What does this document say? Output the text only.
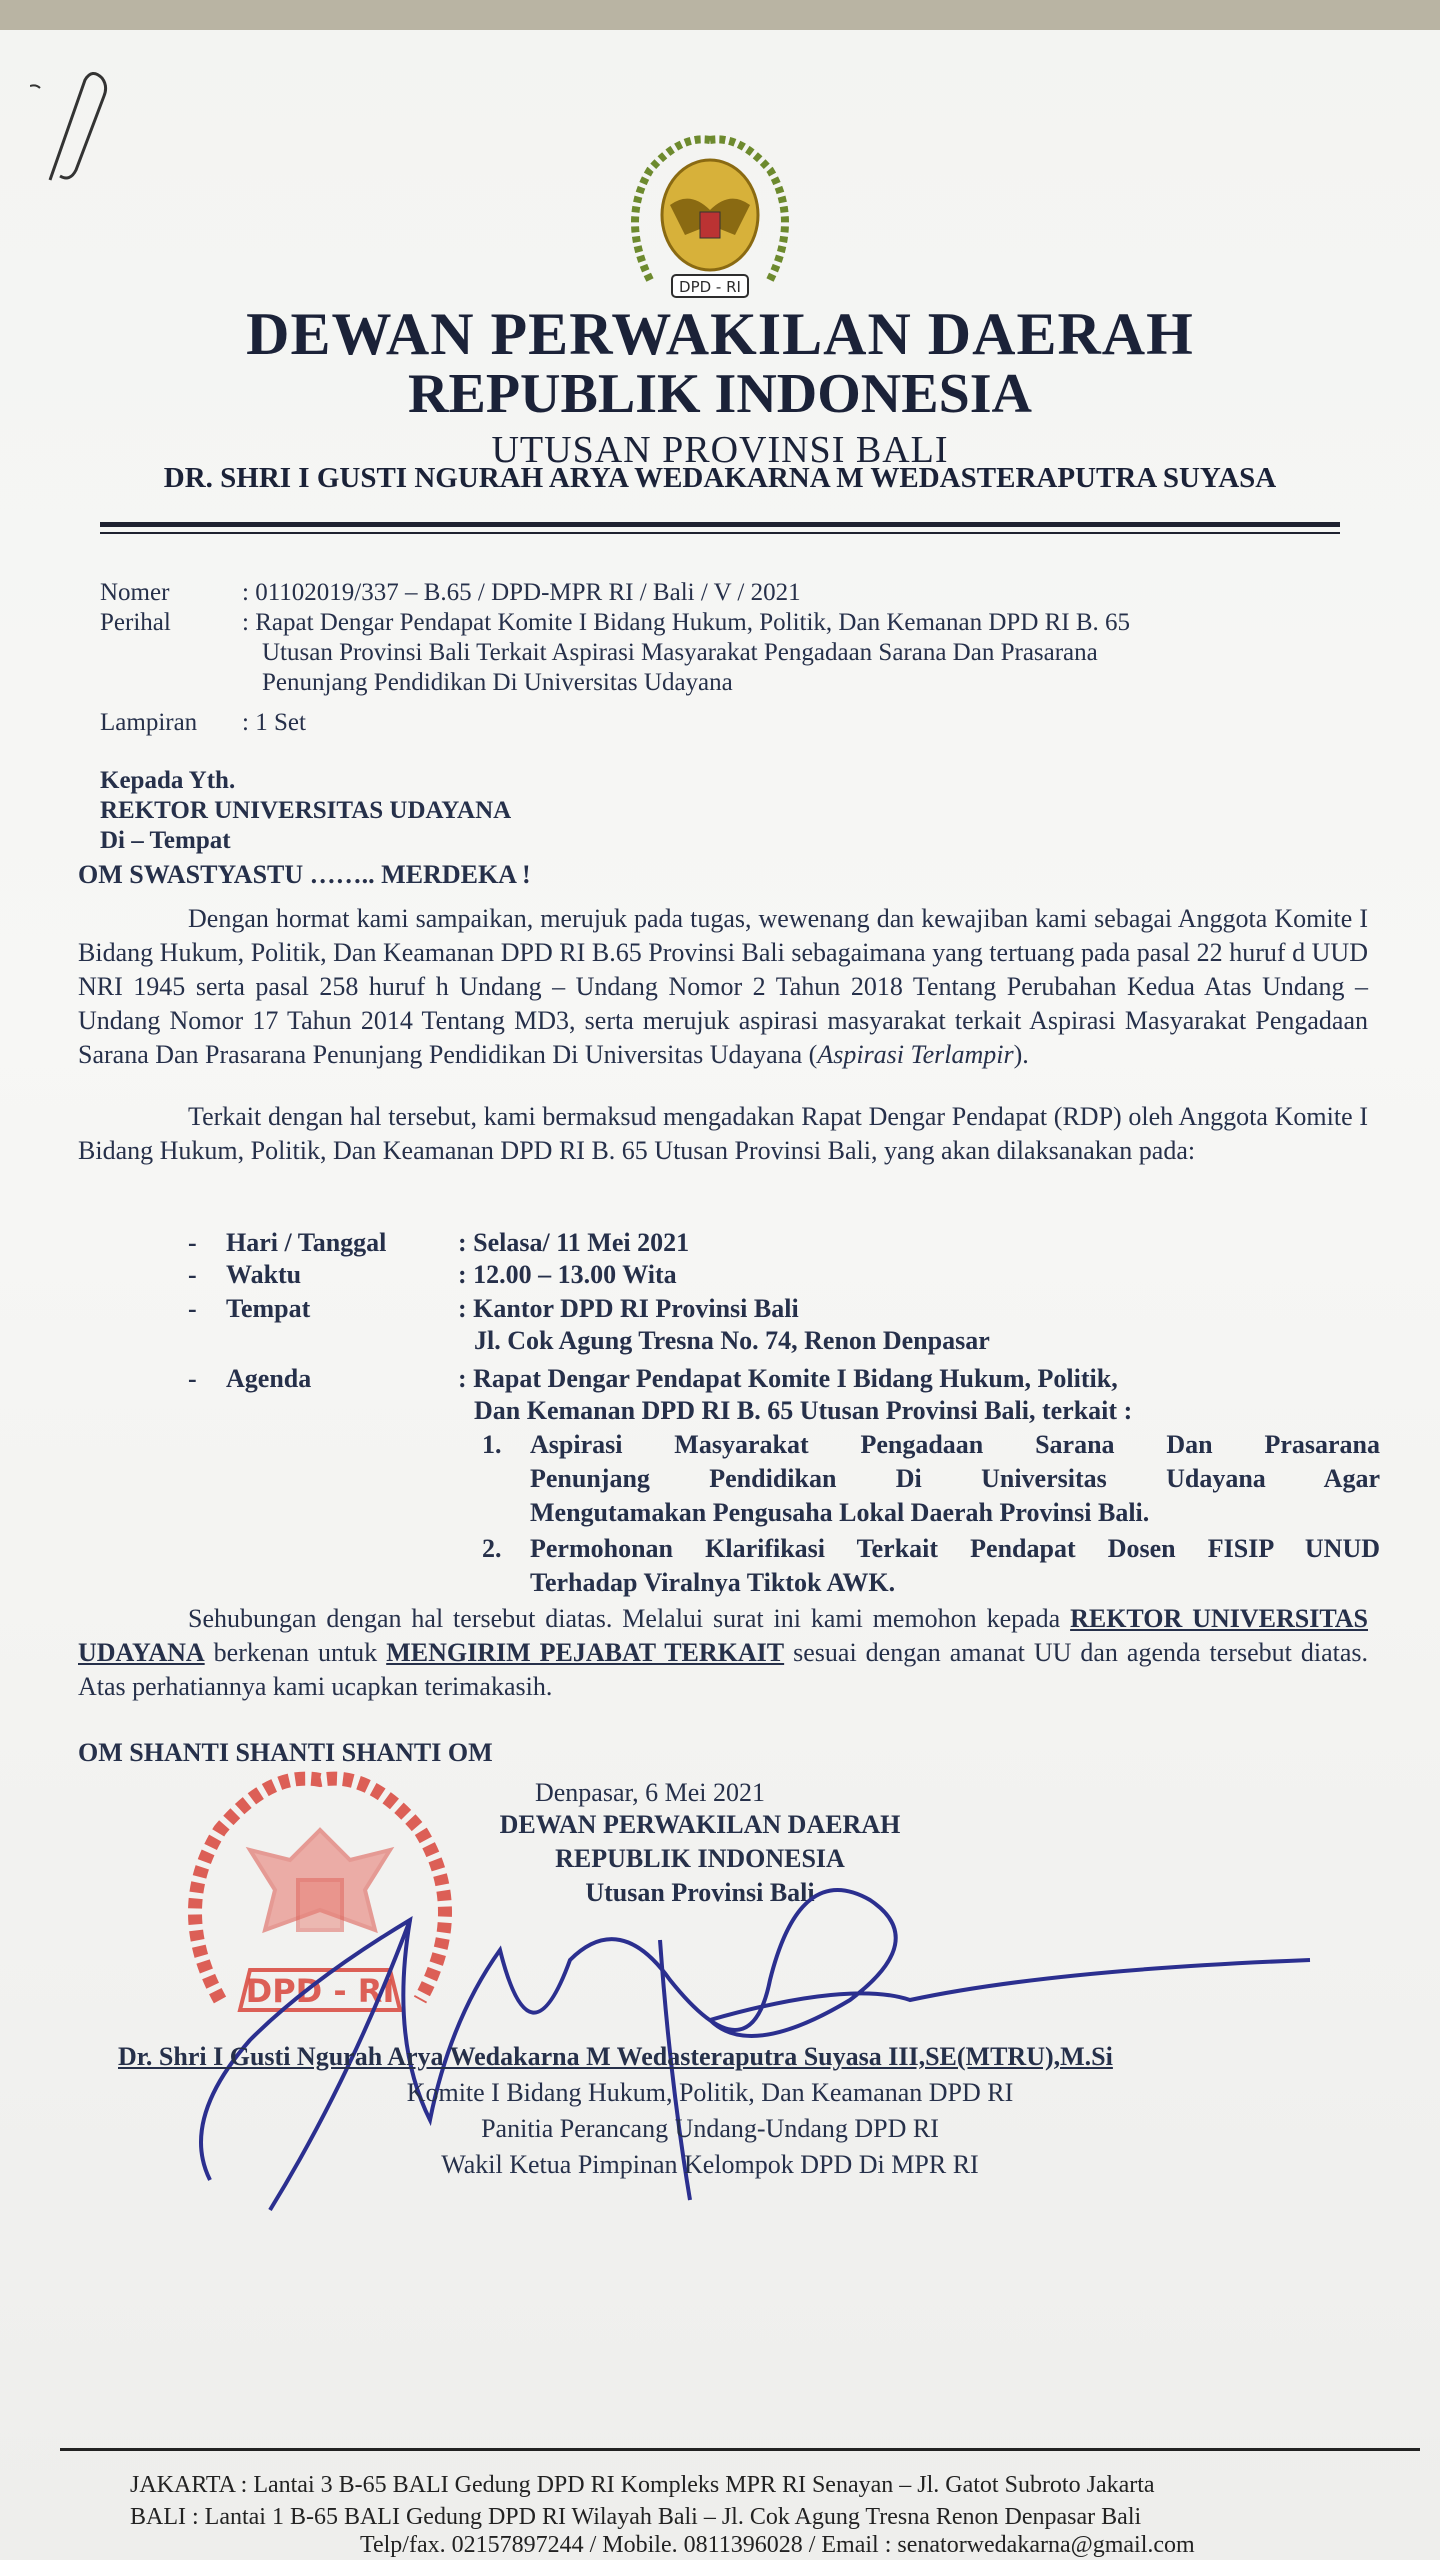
DPD - RI
DEWAN PERWAKILAN DAERAH
REPUBLIK INDONESIA
UTUSAN PROVINSI BALI
DR. SHRI I GUSTI NGURAH ARYA WEDAKARNA M WEDASTERAPUTRA SUYASA
Nomer	: 01102019/337 – B.65 / DPD-MPR RI / Bali / V / 2021
Perihal	: Rapat Dengar Pendapat Komite I Bidang Hukum, Politik, Dan Kemanan DPD RI B. 65
Utusan Provinsi Bali Terkait Aspirasi Masyarakat Pengadaan Sarana Dan Prasarana
Penunjang Pendidikan Di Universitas Udayana
Lampiran : 1 Set
Kepada Yth.
REKTOR UNIVERSITAS UDAYANA
Di – Tempat
OM SWASTYASTU …….. MERDEKA !

Dengan hormat kami sampaikan, merujuk pada tugas, wewenang dan kewajiban kami sebagai Anggota Komite I Bidang Hukum, Politik, Dan Keamanan DPD RI B.65 Provinsi Bali sebagaimana yang tertuang pada pasal 22 huruf d UUD NRI 1945 serta pasal 258 huruf h Undang – Undang Nomor 2 Tahun 2018 Tentang Perubahan Kedua Atas Undang – Undang Nomor 17 Tahun 2014 Tentang MD3, serta merujuk aspirasi masyarakat terkait Aspirasi Masyarakat Pengadaan Sarana Dan Prasarana Penunjang Pendidikan Di Universitas Udayana (Aspirasi Terlampir).

Terkait dengan hal tersebut, kami bermaksud mengadakan Rapat Dengar Pendapat (RDP) oleh Anggota Komite I Bidang Hukum, Politik, Dan Keamanan DPD RI B. 65 Utusan Provinsi Bali, yang akan dilaksanakan pada:

- Hari / Tanggal	: Selasa/ 11 Mei 2021
- Waktu	: 12.00 – 13.00 Wita
- Tempat	: Kantor DPD RI Provinsi Bali
Jl. Cok Agung Tresna No. 74, Renon Denpasar
- Agenda	: Rapat Dengar Pendapat Komite I Bidang Hukum, Politik,
Dan Kemanan DPD RI B. 65 Utusan Provinsi Bali, terkait :
1. Aspirasi Masyarakat Pengadaan Sarana Dan Prasarana
Penunjang Pendidikan Di Universitas Udayana Agar
Mengutamakan Pengusaha Lokal Daerah Provinsi Bali.
2. Permohonan Klarifikasi Terkait Pendapat Dosen FISIP UNUD
Terhadap Viralnya Tiktok AWK.

Sehubungan dengan hal tersebut diatas. Melalui surat ini kami memohon kepada REKTOR UNIVERSITAS UDAYANA berkenan untuk MENGIRIM PEJABAT TERKAIT sesuai dengan amanat UU dan agenda tersebut diatas. Atas perhatiannya kami ucapkan terimakasih.

OM SHANTI SHANTI SHANTI OM
DPD - RI
Denpasar, 6 Mei 2021
DEWAN PERWAKILAN DAERAH
REPUBLIK INDONESIA
Utusan Provinsi Bali
Dr. Shri I Gusti Ngurah Arya Wedakarna M Wedasteraputra Suyasa III,SE(MTRU),M.Si
Komite I Bidang Hukum, Politik, Dan Keamanan DPD RI
Panitia Perancang Undang-Undang DPD RI
Wakil Ketua Pimpinan Kelompok DPD Di MPR RI
JAKARTA : Lantai 3 B-65 BALI Gedung DPD RI Kompleks MPR RI Senayan – Jl. Gatot Subroto Jakarta
BALI : Lantai 1 B-65 BALI Gedung DPD RI Wilayah Bali – Jl. Cok Agung Tresna Renon Denpasar Bali
Telp/fax. 02157897244 / Mobile. 0811396028 / Email : senatorwedakarna@gmail.com
